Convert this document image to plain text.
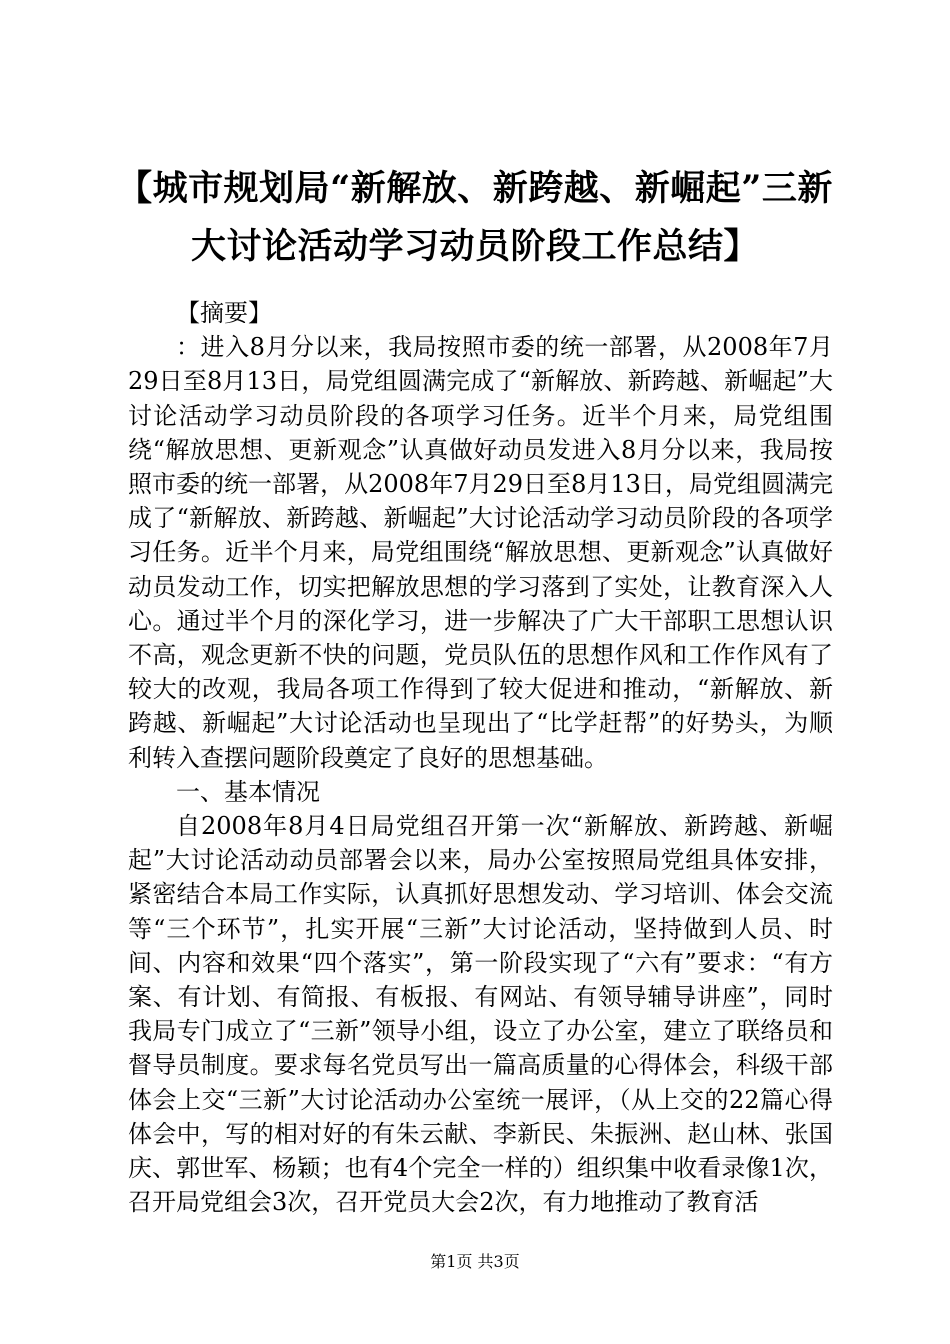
【城市规划局“新解放、新跨越、新崛起”三新大讨论活动学习动员阶段工作总结】

【摘要】

：进入8月分以来，我局按照市委的统一部署，从2008年7月29日至8月13日，局党组圆满完成了“新解放、新跨越、新崛起”大讨论活动学习动员阶段的各项学习任务。近半个月来，局党组围绕“解放思想、更新观念”认真做好动员发进入8月分以来，我局按照市委的统一部署，从2008年7月29日至8月13日，局党组圆满完成了“新解放、新跨越、新崛起”大讨论活动学习动员阶段的各项学习任务。近半个月来，局党组围绕“解放思想、更新观念”认真做好动员发动工作，切实把解放思想的学习落到了实处，让教育深入人心。通过半个月的深化学习，进一步解决了广大干部职工思想认识不高，观念更新不快的问题，党员队伍的思想作风和工作作风有了较大的改观，我局各项工作得到了较大促进和推动，“新解放、新跨越、新崛起”大讨论活动也呈现出了“比学赶帮”的好势头，为顺利转入查摆问题阶段奠定了良好的思想基础。

一、基本情况

自2008年8月4日局党组召开第一次“新解放、新跨越、新崛起”大讨论活动动员部署会以来，局办公室按照局党组具体安排，紧密结合本局工作实际，认真抓好思想发动、学习培训、体会交流等“三个环节”，扎实开展“三新”大讨论活动，坚持做到人员、时间、内容和效果“四个落实”，第一阶段实现了“六有”要求：“有方案、有计划、有简报、有板报、有网站、有领导辅导讲座”，同时我局专门成立了“三新”领导小组，设立了办公室，建立了联络员和督导员制度。要求每名党员写出一篇高质量的心得体会，科级干部体会上交“三新”大讨论活动办公室统一展评，（从上交的22篇心得体会中，写的相对好的有朱云献、李新民、朱振洲、赵山林、张国庆、郭世军、杨颖；也有4个完全一样的）组织集中收看录像1次，召开局党组会3次，召开党员大会2次，有力地推动了教育活

第1页 共3页
